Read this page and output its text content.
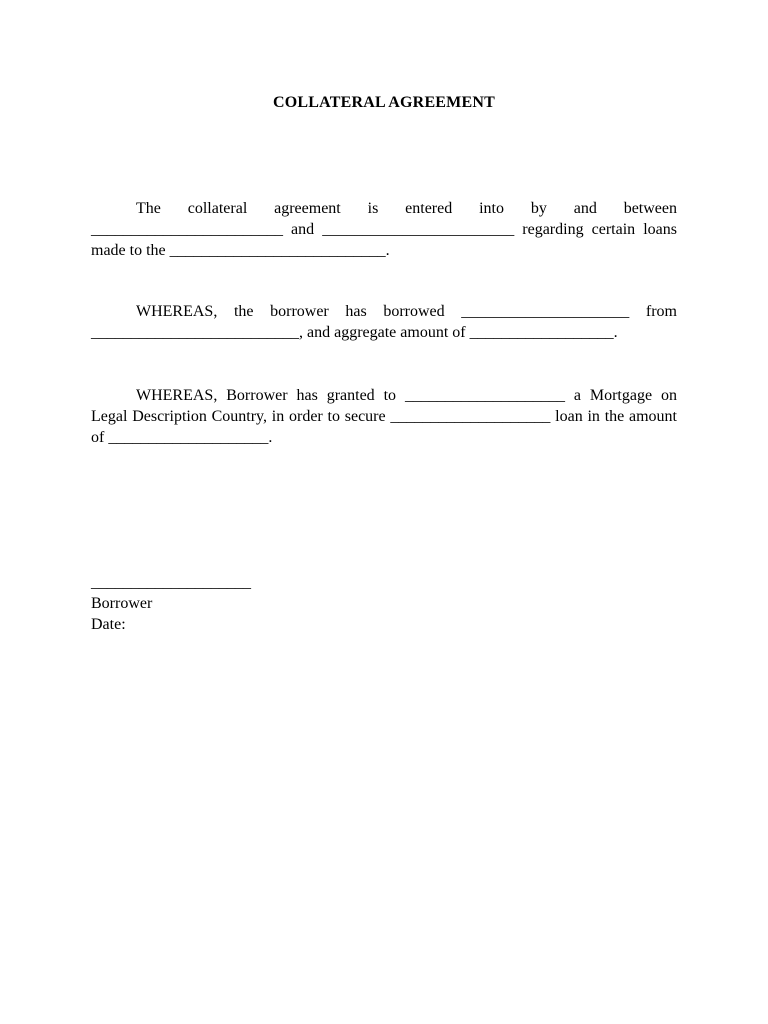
COLLATERAL AGREEMENT
The collateral agreement is entered into by and between ________________________ and ________________________ regarding certain loans made to the ___________________________.
WHEREAS, the borrower has borrowed _____________________ from __________________________, and aggregate amount of __________________.
WHEREAS, Borrower has granted to ____________________ a Mortgage on Legal Description Country, in order to secure ____________________ loan in the amount of ____________________.
____________________
Borrower
Date:
